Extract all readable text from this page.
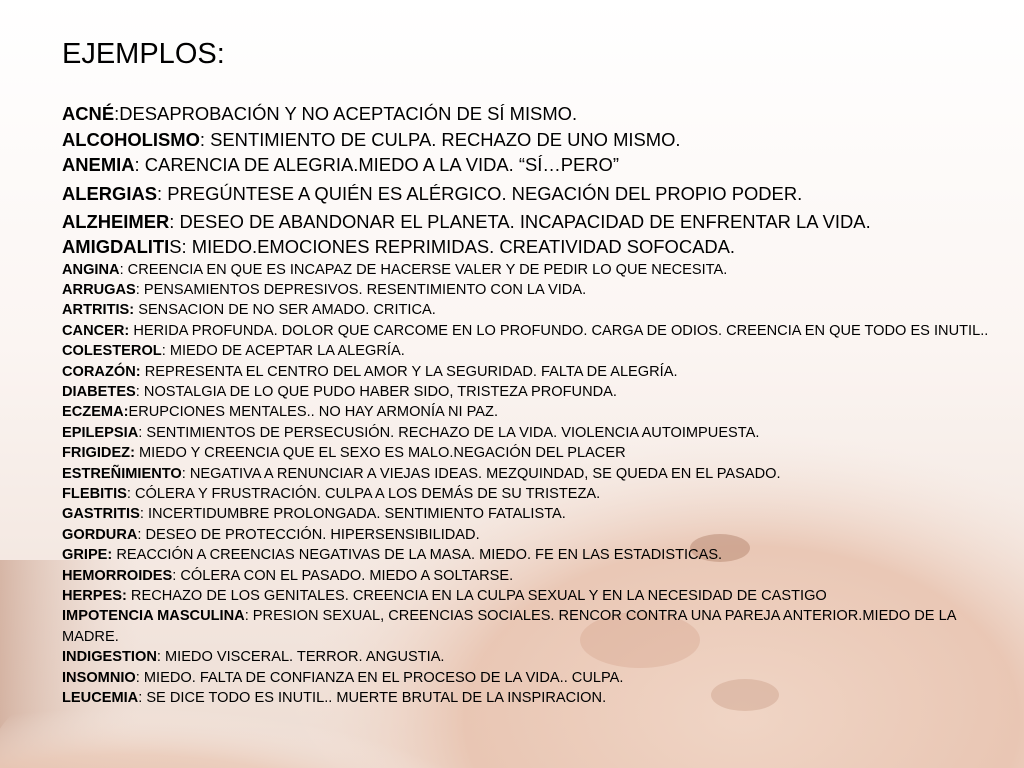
EJEMPLOS:

ACNÉ:DESAPROBACIÓN Y NO ACEPTACIÓN DE SÍ MISMO.

ALCOHOLISMO: SENTIMIENTO DE CULPA. RECHAZO DE UNO MISMO.

ANEMIA: CARENCIA DE ALEGRIA.MIEDO A LA VIDA. “SÍ…PERO”

ALERGIAS: PREGÚNTESE A QUIÉN ES ALÉRGICO. NEGACIÓN DEL PROPIO PODER.

ALZHEIMER: DESEO DE ABANDONAR EL PLANETA. INCAPACIDAD DE ENFRENTAR LA VIDA.

AMIGDALITIS: MIEDO.EMOCIONES REPRIMIDAS. CREATIVIDAD SOFOCADA.

ANGINA: CREENCIA EN QUE ES INCAPAZ DE HACERSE VALER Y DE PEDIR LO QUE NECESITA.

ARRUGAS: PENSAMIENTOS DEPRESIVOS. RESENTIMIENTO CON LA VIDA.

ARTRITIS: SENSACION DE NO SER AMADO. CRITICA.

CANCER: HERIDA PROFUNDA. DOLOR QUE CARCOME EN LO PROFUNDO. CARGA DE ODIOS. CREENCIA EN QUE TODO ES INUTIL..

COLESTEROL: MIEDO DE ACEPTAR LA ALEGRÍA.

CORAZÓN: REPRESENTA EL CENTRO DEL AMOR Y LA SEGURIDAD. FALTA DE ALEGRÍA.

DIABETES: NOSTALGIA DE LO QUE PUDO HABER SIDO, TRISTEZA PROFUNDA.

ECZEMA:ERUPCIONES MENTALES.. NO HAY ARMONÍA NI PAZ.

EPILEPSIA: SENTIMIENTOS DE PERSECUSIÓN. RECHAZO DE LA VIDA. VIOLENCIA AUTOIMPUESTA.

FRIGIDEZ: MIEDO Y CREENCIA QUE EL SEXO ES MALO.NEGACIÓN DEL PLACER

ESTREÑIMIENTO: NEGATIVA A RENUNCIAR A VIEJAS IDEAS. MEZQUINDAD, SE QUEDA EN EL PASADO.

FLEBITIS: CÓLERA Y FRUSTRACIÓN. CULPA A LOS DEMÁS DE SU TRISTEZA.

GASTRITIS: INCERTIDUMBRE PROLONGADA. SENTIMIENTO FATALISTA.

GORDURA: DESEO DE PROTECCIÓN. HIPERSENSIBILIDAD.

GRIPE: REACCIÓN A CREENCIAS NEGATIVAS DE LA MASA. MIEDO. FE EN LAS ESTADISTICAS.

HEMORROIDES: CÓLERA CON EL PASADO. MIEDO A SOLTARSE.

HERPES: RECHAZO DE LOS GENITALES. CREENCIA EN LA CULPA SEXUAL Y EN LA NECESIDAD DE CASTIGO

IMPOTENCIA MASCULINA: PRESION SEXUAL, CREENCIAS SOCIALES. RENCOR CONTRA UNA PAREJA ANTERIOR.MIEDO DE LA MADRE.

INDIGESTION: MIEDO VISCERAL. TERROR. ANGUSTIA.

INSOMNIO: MIEDO. FALTA DE CONFIANZA EN EL PROCESO DE LA VIDA.. CULPA.

LEUCEMIA: SE DICE TODO ES INUTIL.. MUERTE BRUTAL DE LA INSPIRACION.
